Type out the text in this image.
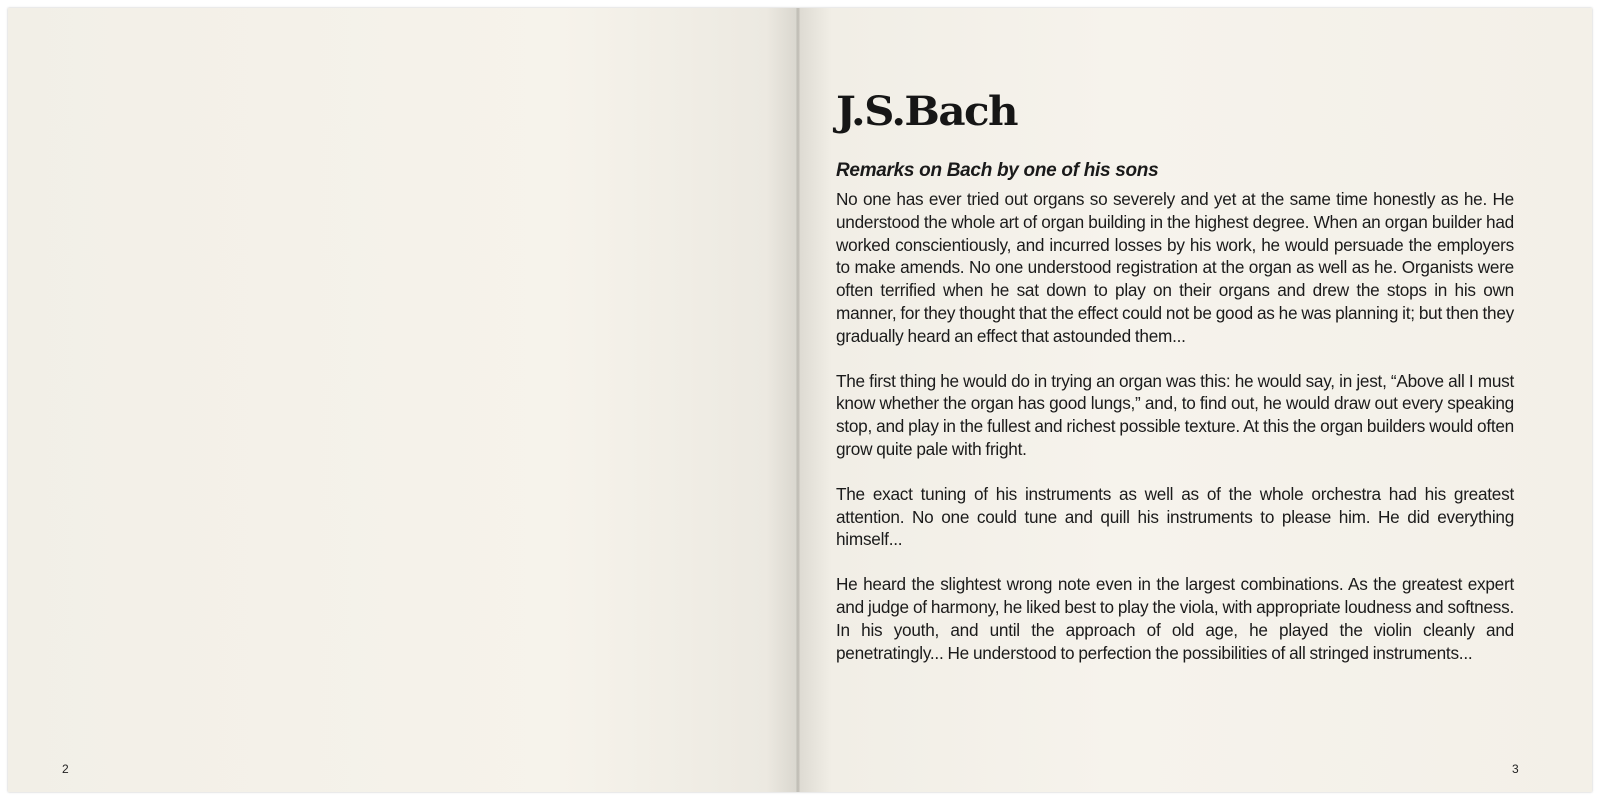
2
J.S.Bach
Remarks on Bach by one of his sons

No one has ever tried out organs so severely and yet at the same time honestly as he. He understood the whole art of organ building in the highest degree. When an organ builder had worked conscientiously, and incurred losses by his work, he would persuade the employers to make amends. No one understood registration at the organ as well as he. Organists were often terrified when he sat down to play on their organs and drew the stops in his own manner, for they thought that the effect could not be good as he was planning it; but then they gradually heard an effect that astounded them...

The first thing he would do in trying an organ was this: he would say, in jest, “Above all I must know whether the organ has good lungs,” and, to find out, he would draw out every speaking stop, and play in the fullest and richest possible texture. At this the organ builders would often grow quite pale with fright.

The exact tuning of his instruments as well as of the whole orchestra had his greatest attention. No one could tune and quill his instruments to please him. He did everything himself...

He heard the slightest wrong note even in the largest combinations. As the greatest expert and judge of harmony, he liked best to play the viola, with appropriate loudness and softness. In his youth, and until the approach of old age, he played the violin cleanly and penetratingly... He understood to perfection the possibilities of all stringed instruments...

3
